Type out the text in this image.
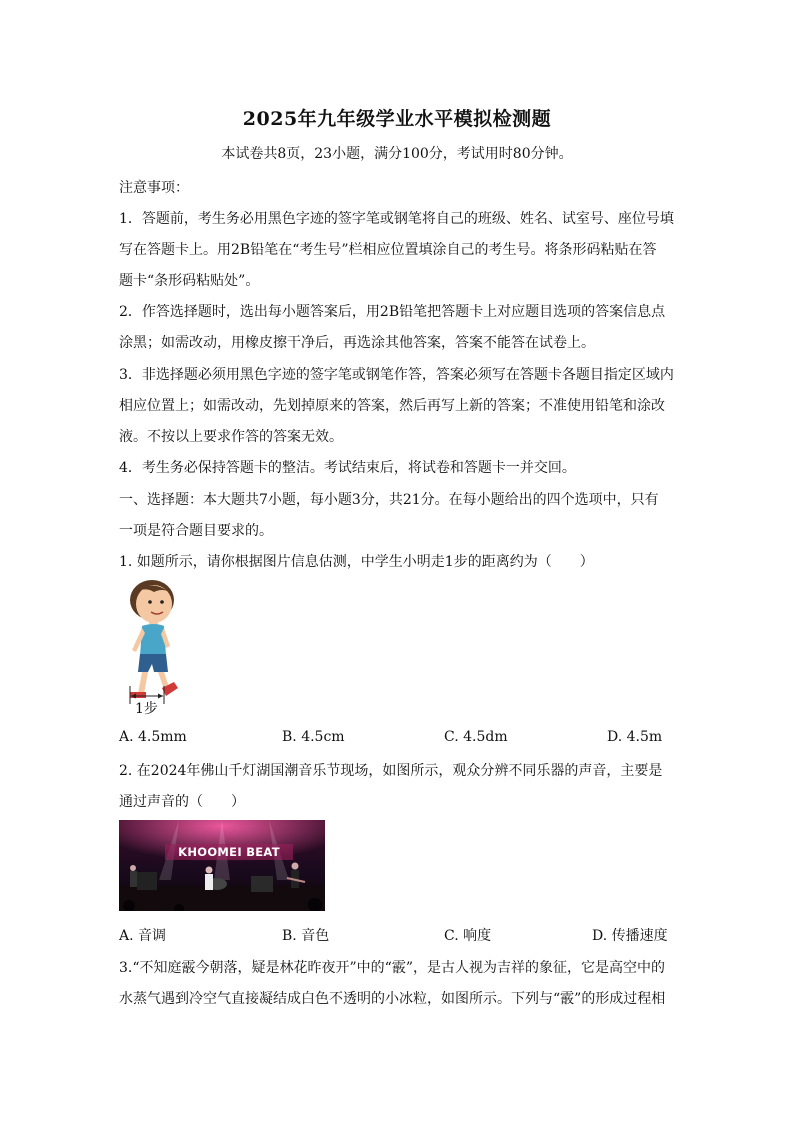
2025年九年级学业水平模拟检测题
本试卷共8页，23小题，满分100分，考试用时80分钟。
注意事项：
1．答题前，考生务必用黑色字迹的签字笔或钢笔将自己的班级、姓名、试室号、座位号填
写在答题卡上。用2B铅笔在“考生号”栏相应位置填涂自己的考生号。将条形码粘贴在答
题卡“条形码粘贴处”。
2．作答选择题时，选出每小题答案后，用2B铅笔把答题卡上对应题目选项的答案信息点
涂黑；如需改动，用橡皮擦干净后，再选涂其他答案，答案不能答在试卷上。
3．非选择题必须用黑色字迹的签字笔或钢笔作答，答案必须写在答题卡各题目指定区域内
相应位置上；如需改动，先划掉原来的答案，然后再写上新的答案；不准使用铅笔和涂改
液。不按以上要求作答的答案无效。
4．考生务必保持答题卡的整洁。考试结束后，将试卷和答题卡一并交回。
一、选择题：本大题共7小题，每小题3分，共21分。在每小题给出的四个选项中，只有
一项是符合题目要求的。
1. 如题所示，请你根据图片信息估测，中学生小明走1步的距离约为（　　）
1步
A. 4.5mm	B. 4.5cm	C. 4.5dm	D. 4.5m
2. 在2024年佛山千灯湖国潮音乐节现场，如图所示，观众分辨不同乐器的声音，主要是
通过声音的（　　）
KHOOMEI BEAT
A. 音调	B. 音色	C. 响度	D. 传播速度
3.“不知庭霰今朝落，疑是林花昨夜开”中的“霰”，是古人视为吉祥的象征，它是高空中的
水蒸气遇到冷空气直接凝结成白色不透明的小冰粒，如图所示。下列与“霰”的形成过程相
